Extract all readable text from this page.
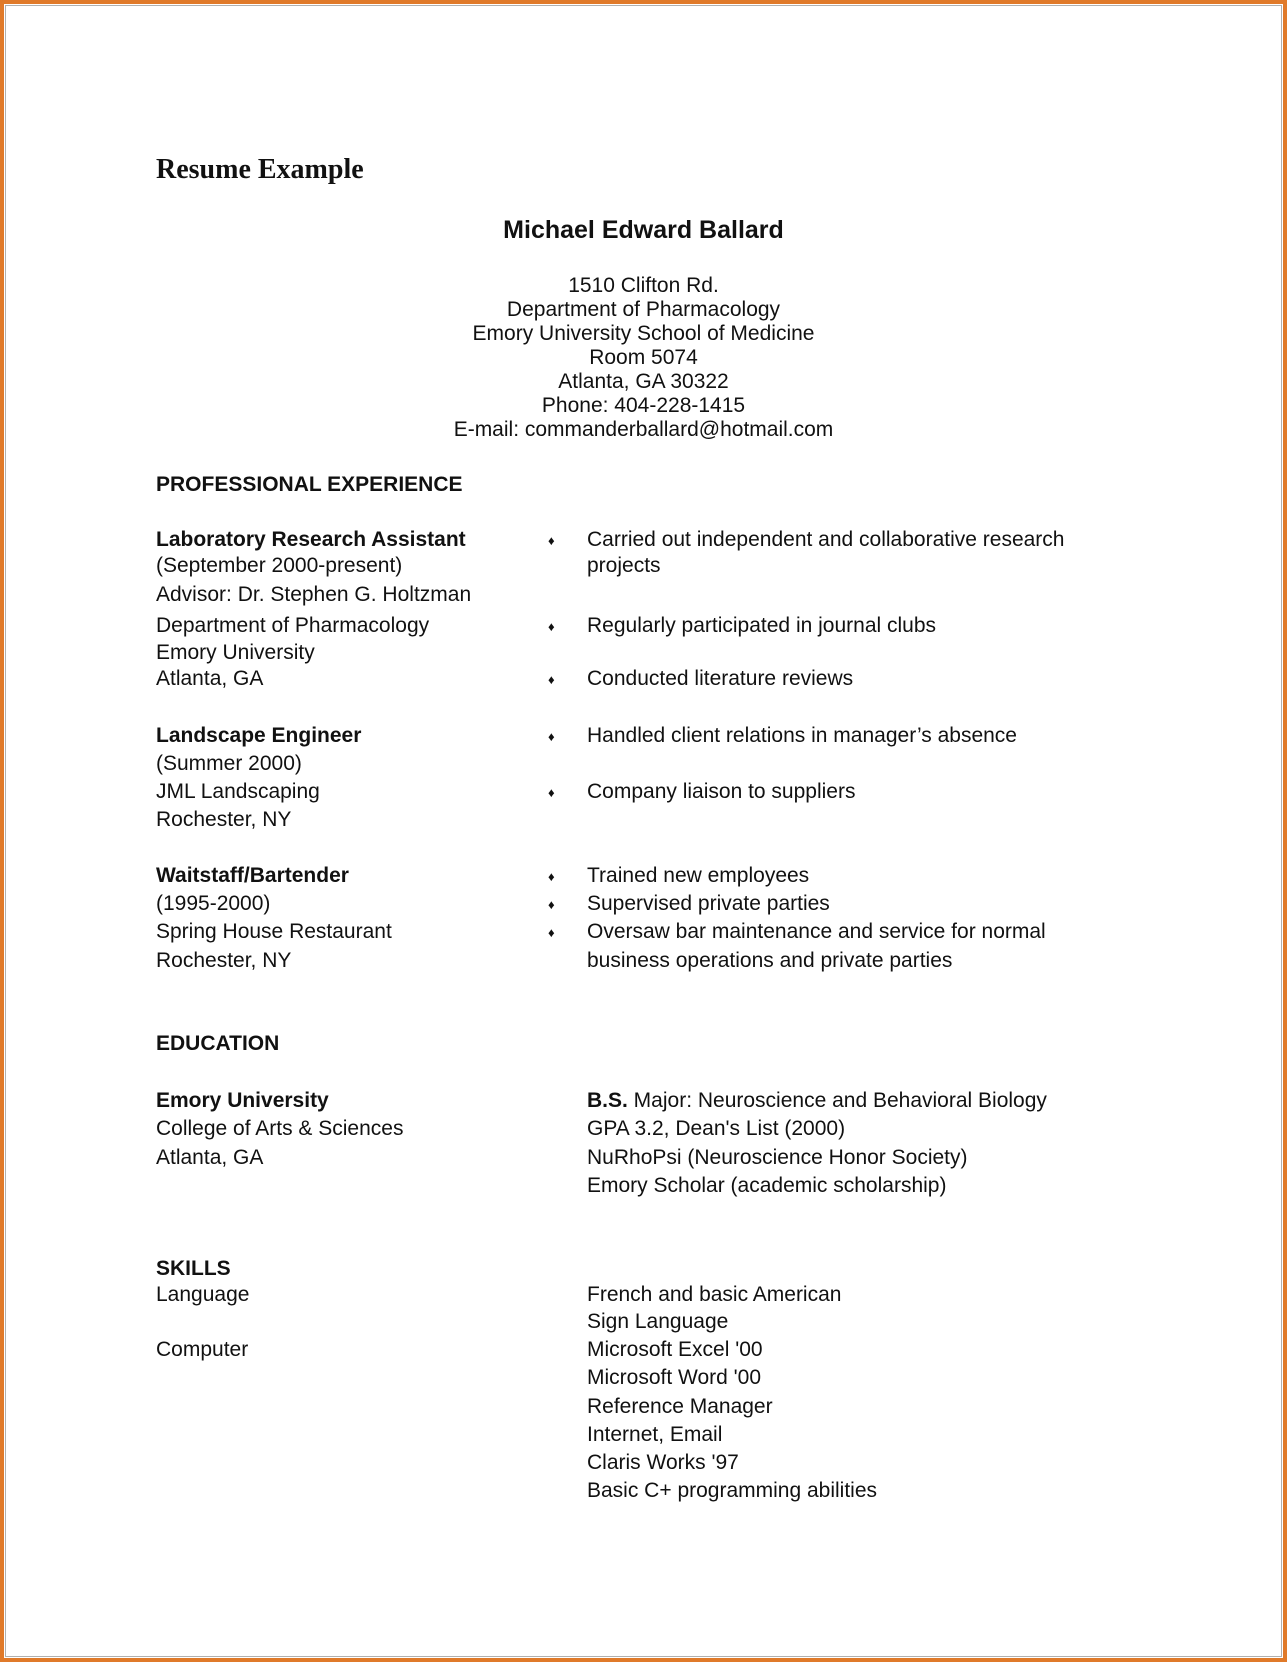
Resume Example
Michael Edward Ballard
1510 Clifton Rd.
Department of Pharmacology
Emory University School of Medicine
Room 5074
Atlanta, GA 30322
Phone: 404-228-1415
E-mail: commanderballard@hotmail.com
PROFESSIONAL EXPERIENCE
Laboratory Research Assistant
(September 2000-present)
Advisor: Dr. Stephen G. Holtzman
Department of Pharmacology
Emory University
Atlanta, GA
♦ Carried out independent and collaborative research
projects
♦ Regularly participated in journal clubs
♦ Conducted literature reviews
Landscape Engineer
(Summer 2000)
JML Landscaping
Rochester, NY
♦ Handled client relations in manager’s absence
♦ Company liaison to suppliers
Waitstaff/Bartender
(1995-2000)
Spring House Restaurant
Rochester, NY
♦ Trained new employees
♦ Supervised private parties
♦ Oversaw bar maintenance and service for normal
business operations and private parties
EDUCATION
Emory University
College of Arts & Sciences
Atlanta, GA
B.S. Major: Neuroscience and Behavioral Biology
GPA 3.2, Dean's List (2000)
NuRhoPsi (Neuroscience Honor Society)
Emory Scholar (academic scholarship)
SKILLS
Language	French and basic American
Sign Language
Computer	Microsoft Excel '00
Microsoft Word '00
Reference Manager
Internet, Email
Claris Works '97
Basic C+ programming abilities
